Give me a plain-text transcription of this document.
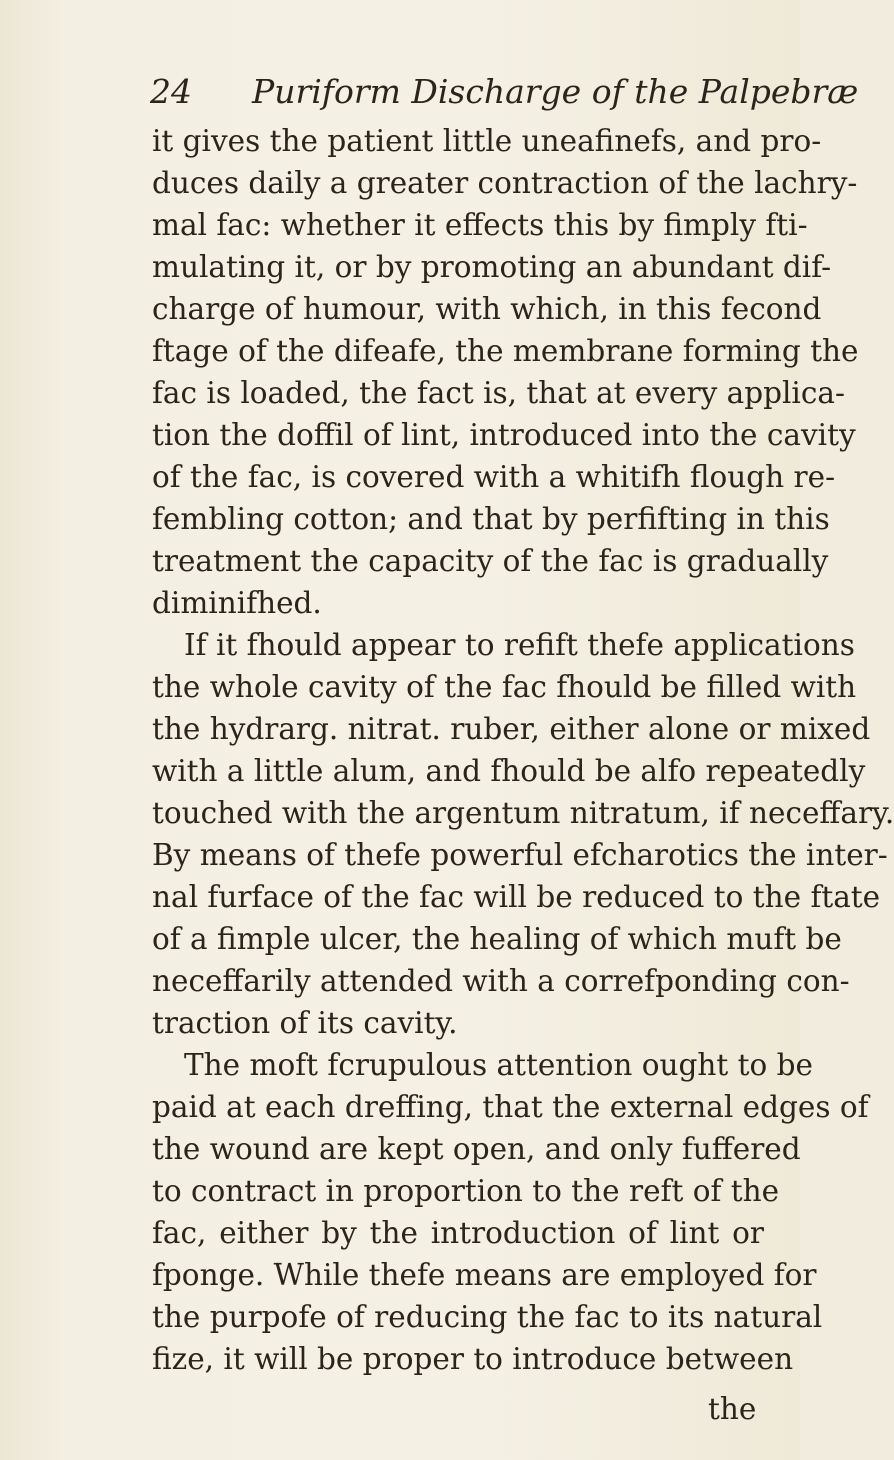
24	Puriform Discharge of the Palpebræ
it gives the patient little uneafinefs, and pro-
duces daily a greater contraction of the lachry-
mal fac: whether it effects this by fimply fti-
mulating it, or by promoting an abundant dif-
charge of humour, with which, in this fecond
ftage of the difeafe, the membrane forming the
fac is loaded, the fact is, that at every applica-
tion the doffil of lint, introduced into the cavity
of the fac, is covered with a whitifh flough re-
fembling cotton; and that by perfifting in this
treatment the capacity of the fac is gradually
diminifhed.
If it fhould appear to refift thefe applications
the whole cavity of the fac fhould be filled with
the hydrarg. nitrat. ruber, either alone or mixed
with a little alum, and fhould be alfo repeatedly
touched with the argentum nitratum, if neceffary.
By means of thefe powerful efcharotics the inter-
nal furface of the fac will be reduced to the ftate
of a fimple ulcer, the healing of which muft be
neceffarily attended with a correfponding con-
traction of its cavity.
The moft fcrupulous attention ought to be
paid at each dreffing, that the external edges of
the wound are kept open, and only fuffered
to contract in proportion to the reft of the
fac, either by the introduction of lint or
fponge. While thefe means are employed for
the purpofe of reducing the fac to its natural
fize, it will be proper to introduce between
the
